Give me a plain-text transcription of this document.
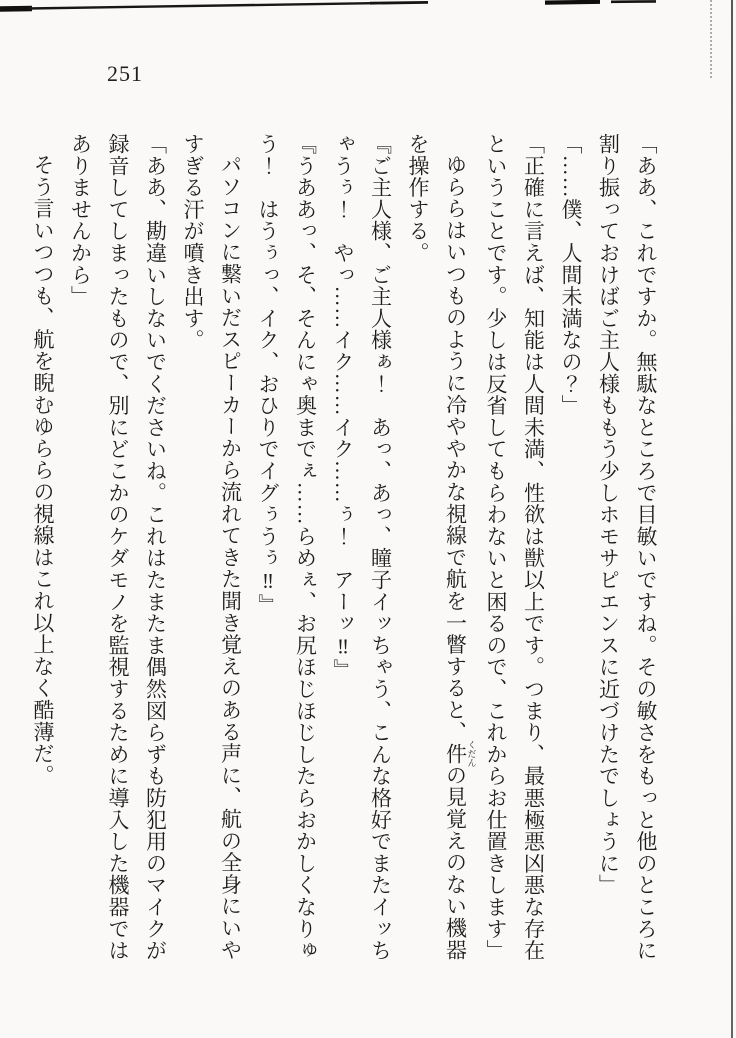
251

「ああ、これですか。無駄なところで目敏いですね。その敏さをもっと他のところに割り振っておけばご主人様ももう少しホモサピエンスに近づけたでしょうに」

「……僕、人間未満なの？」

「正確に言えば、知能は人間未満、性欲は獣以上です。つまり、最悪極悪凶悪な存在ということです。少しは反省してもらわないと困るので、これからお仕置きします」

ゆららはいつものように冷ややかな視線で航を一瞥すると、件 くだんの見覚えのない機器を操作する。

『ご主人様、ご主人様ぁ！　あっ、あっ、瞳子イッちゃう、こんな格好でまたイッちゃうぅ！　やっ……イク……イク……ぅ！　アーッ‼』

『うああっ、そ、そんにゃ奥までぇ……らめぇ、お尻ほじほじしたらおかしくなりゅう！　はうぅっ、イク、おひりでイグぅうぅ‼』

パソコンに繋いだスピーカーから流れてきた聞き覚えのある声に、航の全身にいやすぎる汗が噴き出す。

「ああ、勘違いしないでくださいね。これはたまたま偶然図らずも防犯用のマイクが録音してしまったもので、別にどこかのケダモノを監視するために導入した機器ではありませんから」

そう言いつつも、航を睨むゆららの視線はこれ以上なく酷薄だ。
